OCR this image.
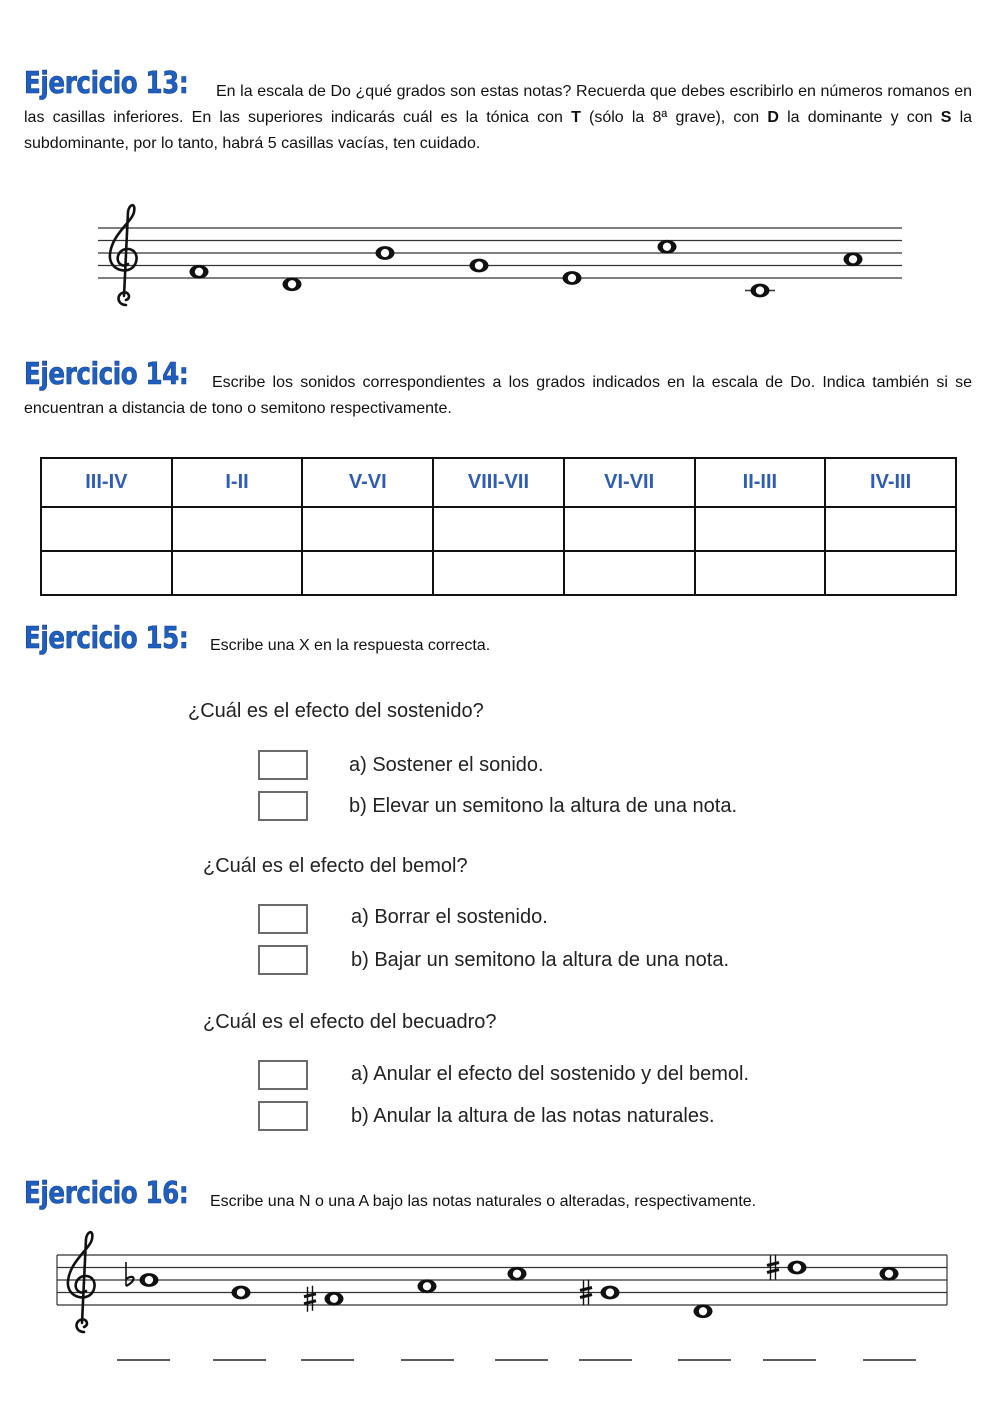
Ejercicio 13:	En la escala de Do ¿qué grados son estas notas? Recuerda que debes escribirlo en números romanos en las casillas inferiores. En las superiores indicarás cuál es la tónica con T (sólo la 8ª grave), con D la dominante y con S la subdominante, por lo tanto, habrá 5 casillas vacías, ten cuidado.
Ejercicio 14:	Escribe los sonidos correspondientes a los grados indicados en la escala de Do. Indica también si se encuentran a distancia de tono o semitono respectivamente.
III-IV	I-II	V-VI	VIII-VII	VI-VII	II-III	IV-III

Ejercicio 15: Escribe una X en la respuesta correcta.
¿Cuál es el efecto del sostenido?
a) Sostener el sonido.
b) Elevar un semitono la altura de una nota.
¿Cuál es el efecto del bemol?
a) Borrar el sostenido.
b) Bajar un semitono la altura de una nota.
¿Cuál es el efecto del becuadro?
a) Anular el efecto del sostenido y del bemol.
b) Anular la altura de las notas naturales.
Ejercicio 16: Escribe una N o una A bajo las notas naturales o alteradas, respectivamente.
